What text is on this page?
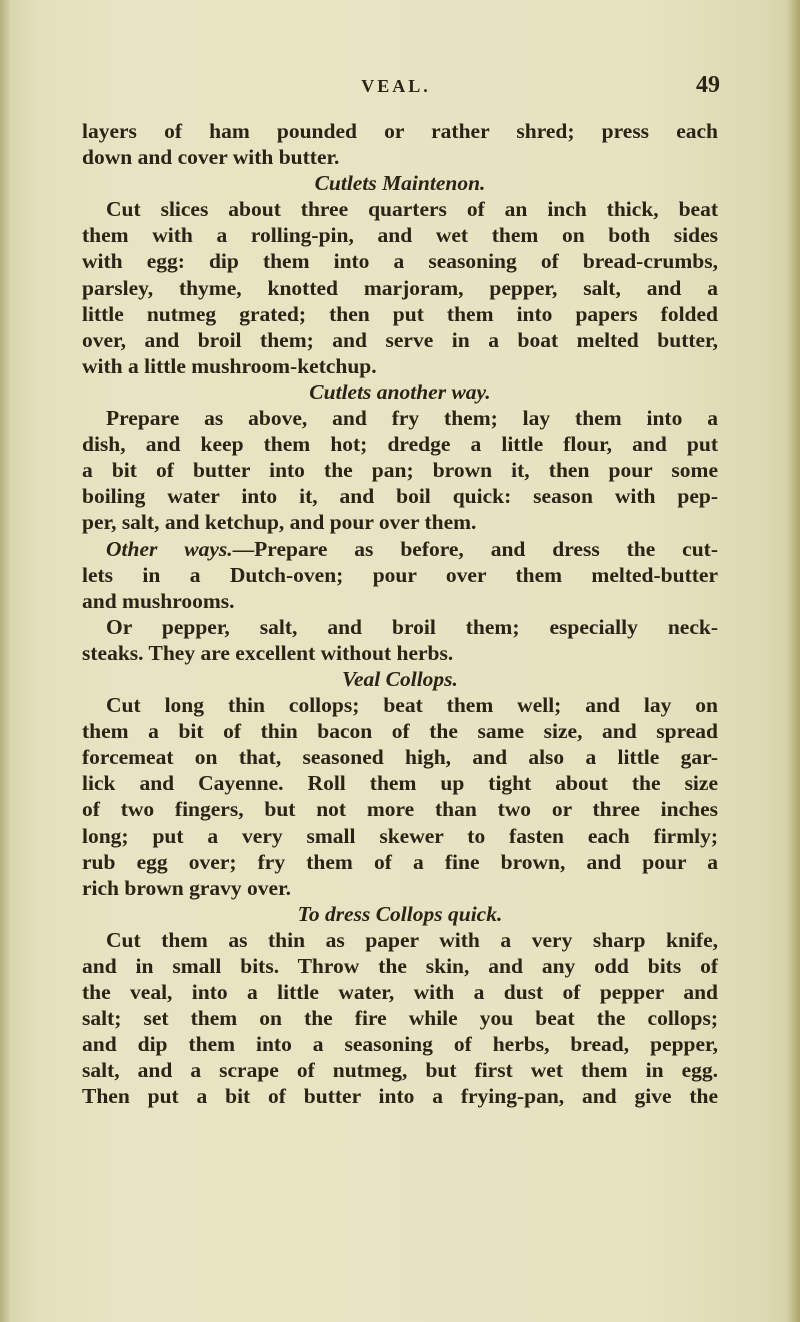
VEAL.	49

layers of ham pounded or rather shred; press each

down and cover with butter.

Cutlets Maintenon.

Cut slices about three quarters of an inch thick, beat

them with a rolling-pin, and wet them on both sides

with egg: dip them into a seasoning of bread-crumbs,

parsley, thyme, knotted marjoram, pepper, salt, and a

little nutmeg grated; then put them into papers folded

over, and broil them; and serve in a boat melted butter,

with a little mushroom-ketchup.

Cutlets another way.

Prepare as above, and fry them; lay them into a

dish, and keep them hot; dredge a little flour, and put

a bit of butter into the pan; brown it, then pour some

boiling water into it, and boil quick: season with pep-

per, salt, and ketchup, and pour over them.

Other ways.—Prepare as before, and dress the cut-

lets in a Dutch-oven; pour over them melted-butter

and mushrooms.

Or pepper, salt, and broil them; especially neck-

steaks. They are excellent without herbs.

Veal Collops.

Cut long thin collops; beat them well; and lay on

them a bit of thin bacon of the same size, and spread

forcemeat on that, seasoned high, and also a little gar-

lick and Cayenne. Roll them up tight about the size

of two fingers, but not more than two or three inches

long; put a very small skewer to fasten each firmly;

rub egg over; fry them of a fine brown, and pour a

rich brown gravy over.

To dress Collops quick.

Cut them as thin as paper with a very sharp knife,

and in small bits. Throw the skin, and any odd bits of

the veal, into a little water, with a dust of pepper and

salt; set them on the fire while you beat the collops;

and dip them into a seasoning of herbs, bread, pepper,

salt, and a scrape of nutmeg, but first wet them in egg.

Then put a bit of butter into a frying-pan, and give the
